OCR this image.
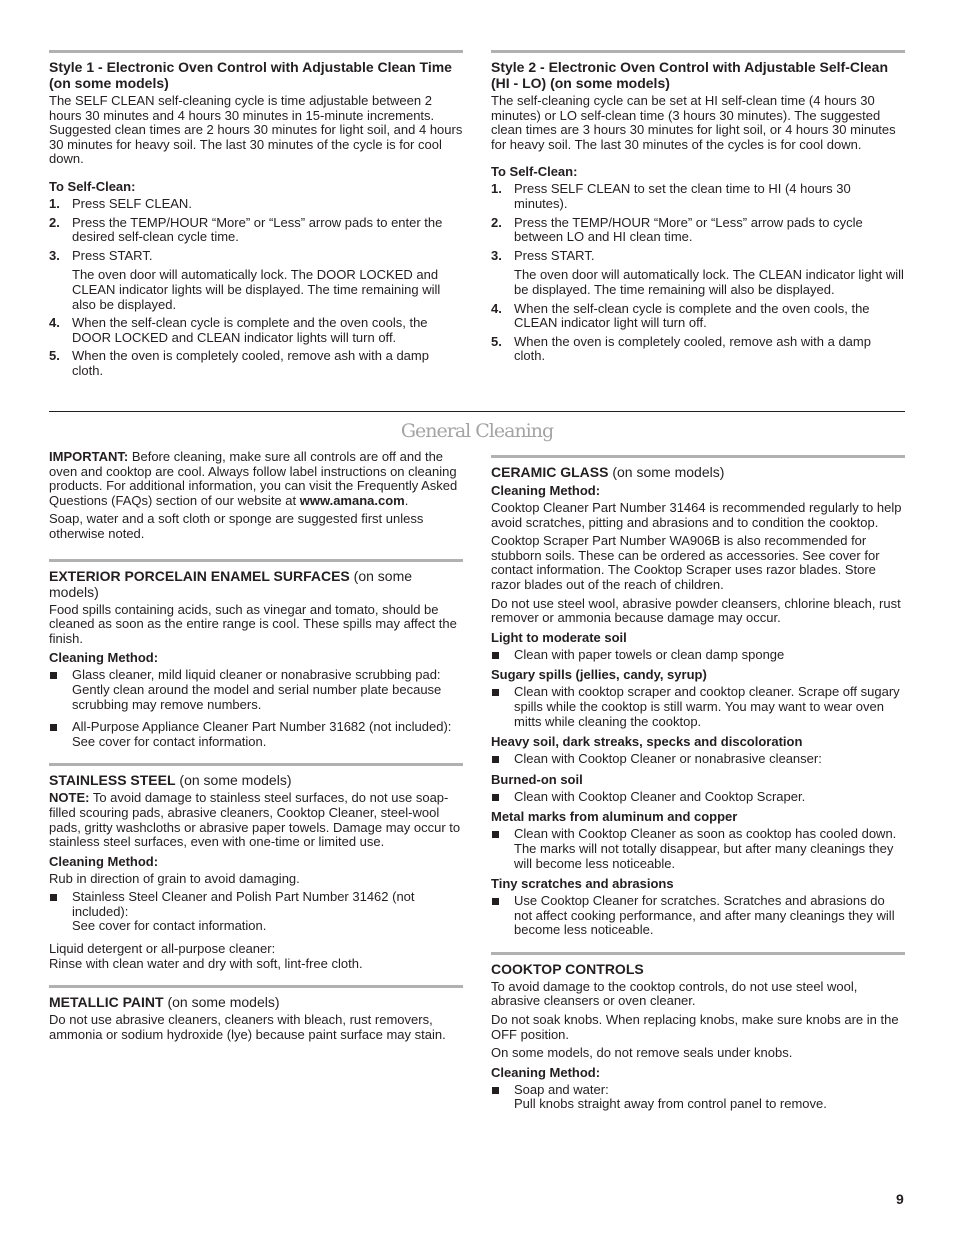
Style 1 - Electronic Oven Control with Adjustable Clean Time (on some models)

The SELF CLEAN self-cleaning cycle is time adjustable between 2 hours 30 minutes and 4 hours 30 minutes in 15-minute increments. Suggested clean times are 2 hours 30 minutes for light soil, and 4 hours 30 minutes for heavy soil. The last 30 minutes of the cycle is for cool down.

To Self-Clean:
1. Press SELF CLEAN.
2. Press the TEMP/HOUR “More” or “Less” arrow pads to enter the desired self-clean cycle time.
3. Press START.
The oven door will automatically lock. The DOOR LOCKED and CLEAN indicator lights will be displayed. The time remaining will also be displayed.
4. When the self-clean cycle is complete and the oven cools, the DOOR LOCKED and CLEAN indicator lights will turn off.
5. When the oven is completely cooled, remove ash with a damp cloth.
Style 2 - Electronic Oven Control with Adjustable Self-Clean (HI - LO) (on some models)

The self-cleaning cycle can be set at HI self-clean time (4 hours 30 minutes) or LO self-clean time (3 hours 30 minutes). The suggested clean times are 3 hours 30 minutes for light soil, or 4 hours 30 minutes for heavy soil. The last 30 minutes of the cycles is for cool down.

To Self-Clean:
1. Press SELF CLEAN to set the clean time to HI (4 hours 30 minutes).
2. Press the TEMP/HOUR “More” or “Less” arrow pads to cycle between LO and HI clean time.
3. Press START.
The oven door will automatically lock. The CLEAN indicator light will be displayed. The time remaining will also be displayed.
4. When the self-clean cycle is complete and the oven cools, the CLEAN indicator light will turn off.
5. When the oven is completely cooled, remove ash with a damp cloth.
General Cleaning

IMPORTANT: Before cleaning, make sure all controls are off and the oven and cooktop are cool. Always follow label instructions on cleaning products. For additional information, you can visit the Frequently Asked Questions (FAQs) section of our website at www.amana.com.

Soap, water and a soft cloth or sponge are suggested first unless otherwise noted.

EXTERIOR PORCELAIN ENAMEL SURFACES (on some models)

Food spills containing acids, such as vinegar and tomato, should be cleaned as soon as the entire range is cool. These spills may affect the finish.

Cleaning Method:
Glass cleaner, mild liquid cleaner or nonabrasive scrubbing pad:
Gently clean around the model and serial number plate because scrubbing may remove numbers.
All-Purpose Appliance Cleaner Part Number 31682 (not included):
See cover for contact information.
STAINLESS STEEL (on some models)

NOTE: To avoid damage to stainless steel surfaces, do not use soap-filled scouring pads, abrasive cleaners, Cooktop Cleaner, steel-wool pads, gritty washcloths or abrasive paper towels. Damage may occur to stainless steel surfaces, even with one-time or limited use.

Cleaning Method:

Rub in direction of grain to avoid damaging.

Stainless Steel Cleaner and Polish Part Number 31462 (not included):
See cover for contact information.

Liquid detergent or all-purpose cleaner:
Rinse with clean water and dry with soft, lint-free cloth.

METALLIC PAINT (on some models)

Do not use abrasive cleaners, cleaners with bleach, rust removers, ammonia or sodium hydroxide (lye) because paint surface may stain.

CERAMIC GLASS (on some models)
Cleaning Method:

Cooktop Cleaner Part Number 31464 is recommended regularly to help avoid scratches, pitting and abrasions and to condition the cooktop.

Cooktop Scraper Part Number WA906B is also recommended for stubborn soils. These can be ordered as accessories. See cover for contact information. The Cooktop Scraper uses razor blades. Store razor blades out of the reach of children.

Do not use steel wool, abrasive powder cleansers, chlorine bleach, rust remover or ammonia because damage may occur.

Light to moderate soil
Clean with paper towels or clean damp sponge
Sugary spills (jellies, candy, syrup)
Clean with cooktop scraper and cooktop cleaner. Scrape off sugary spills while the cooktop is still warm. You may want to wear oven mitts while cleaning the cooktop.
Heavy soil, dark streaks, specks and discoloration
Clean with Cooktop Cleaner or nonabrasive cleanser:
Burned-on soil
Clean with Cooktop Cleaner and Cooktop Scraper.
Metal marks from aluminum and copper
Clean with Cooktop Cleaner as soon as cooktop has cooled down. The marks will not totally disappear, but after many cleanings they will become less noticeable.
Tiny scratches and abrasions
Use Cooktop Cleaner for scratches. Scratches and abrasions do not affect cooking performance, and after many cleanings they will become less noticeable.
COOKTOP CONTROLS

To avoid damage to the cooktop controls, do not use steel wool, abrasive cleansers or oven cleaner.

Do not soak knobs. When replacing knobs, make sure knobs are in the OFF position.

On some models, do not remove seals under knobs.

Cleaning Method:
Soap and water:
Pull knobs straight away from control panel to remove.
9
